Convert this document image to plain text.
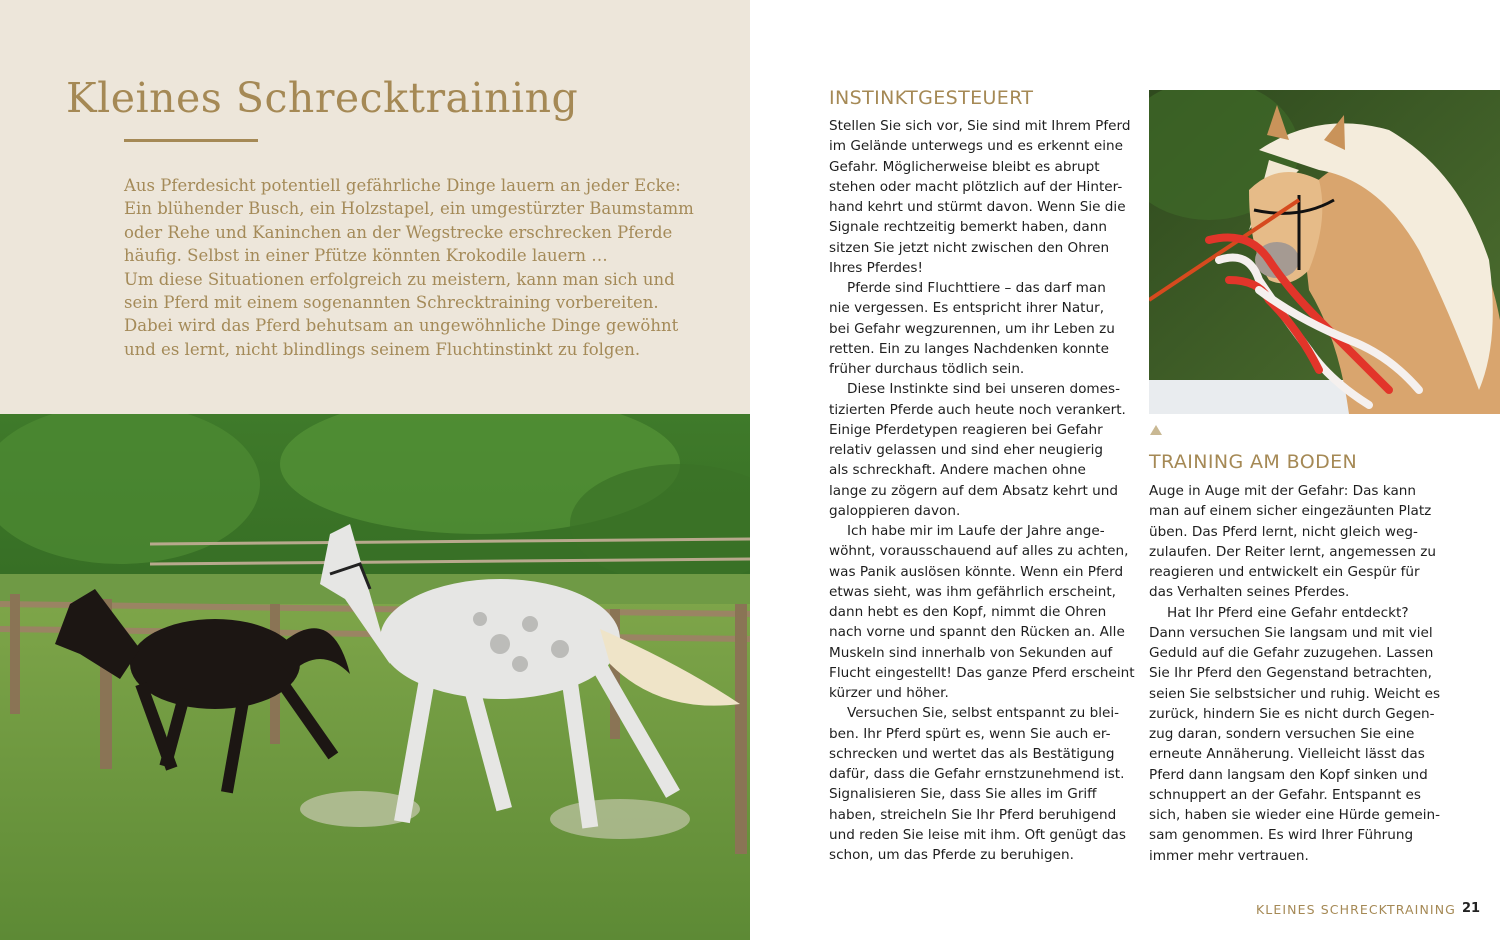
Kleines Schrecktraining

Aus Pferdesicht potentiell gefährliche Dinge lauern an jeder Ecke:

Ein blühender Busch, ein Holzstapel, ein umgestürzter Baumstamm

oder Rehe und Kaninchen an der Wegstrecke erschrecken Pferde

häufig. Selbst in einer Pfütze könnten Krokodile lauern …

Um diese Situationen erfolgreich zu meistern, kann man sich und

sein Pferd mit einem sogenannten Schrecktraining vorbereiten.

Dabei wird das Pferd behutsam an ungewöhnliche Dinge gewöhnt

und es lernt, nicht blindlings seinem Fluchtinstinkt zu folgen.

INSTINKTGESTEUERT

Stellen Sie sich vor, Sie sind mit Ihrem Pferd

im Gelände unterwegs und es erkennt eine

Gefahr. Möglicherweise bleibt es abrupt

stehen oder macht plötzlich auf der Hinter-

hand kehrt und stürmt davon. Wenn Sie die

Signale rechtzeitig bemerkt haben, dann

sitzen Sie jetzt nicht zwischen den Ohren

Ihres Pferdes!

Pferde sind Fluchttiere – das darf man

nie vergessen. Es entspricht ihrer Natur,

bei Gefahr wegzurennen, um ihr Leben zu

retten. Ein zu langes Nachdenken konnte

früher durchaus tödlich sein.

Diese Instinkte sind bei unseren domes-

tizierten Pferde auch heute noch verankert.

Einige Pferdetypen reagieren bei Gefahr

relativ gelassen und sind eher neugierig

als schreckhaft. Andere machen ohne

lange zu zögern auf dem Absatz kehrt und

galoppieren davon.

Ich habe mir im Laufe der Jahre ange-

wöhnt, vorausschauend auf alles zu achten,

was Panik auslösen könnte. Wenn ein Pferd

etwas sieht, was ihm gefährlich erscheint,

dann hebt es den Kopf, nimmt die Ohren

nach vorne und spannt den Rücken an. Alle

Muskeln sind innerhalb von Sekunden auf

Flucht eingestellt! Das ganze Pferd erscheint

kürzer und höher.

Versuchen Sie, selbst entspannt zu blei-

ben. Ihr Pferd spürt es, wenn Sie auch er-

schrecken und wertet das als Bestätigung

dafür, dass die Gefahr ernstzunehmend ist.

Signalisieren Sie, dass Sie alles im Griff

haben, streicheln Sie Ihr Pferd beruhigend

und reden Sie leise mit ihm. Oft genügt das

schon, um das Pferde zu beruhigen.

TRAINING AM BODEN

Auge in Auge mit der Gefahr: Das kann

man auf einem sicher eingezäunten Platz

üben. Das Pferd lernt, nicht gleich weg-

zulaufen. Der Reiter lernt, angemessen zu

reagieren und entwickelt ein Gespür für

das Verhalten seines Pferdes.

Hat Ihr Pferd eine Gefahr entdeckt?

Dann versuchen Sie langsam und mit viel

Geduld auf die Gefahr zuzugehen. Lassen

Sie Ihr Pferd den Gegenstand betrachten,

seien Sie selbstsicher und ruhig. Weicht es

zurück, hindern Sie es nicht durch Gegen-

zug daran, sondern versuchen Sie eine

erneute Annäherung. Vielleicht lässt das

Pferd dann langsam den Kopf sinken und

schnuppert an der Gefahr. Entspannt es

sich, haben sie wieder eine Hürde gemein-

sam genommen. Es wird Ihrer Führung

immer mehr vertrauen.

KLEINES SCHRECKTRAINING 21
